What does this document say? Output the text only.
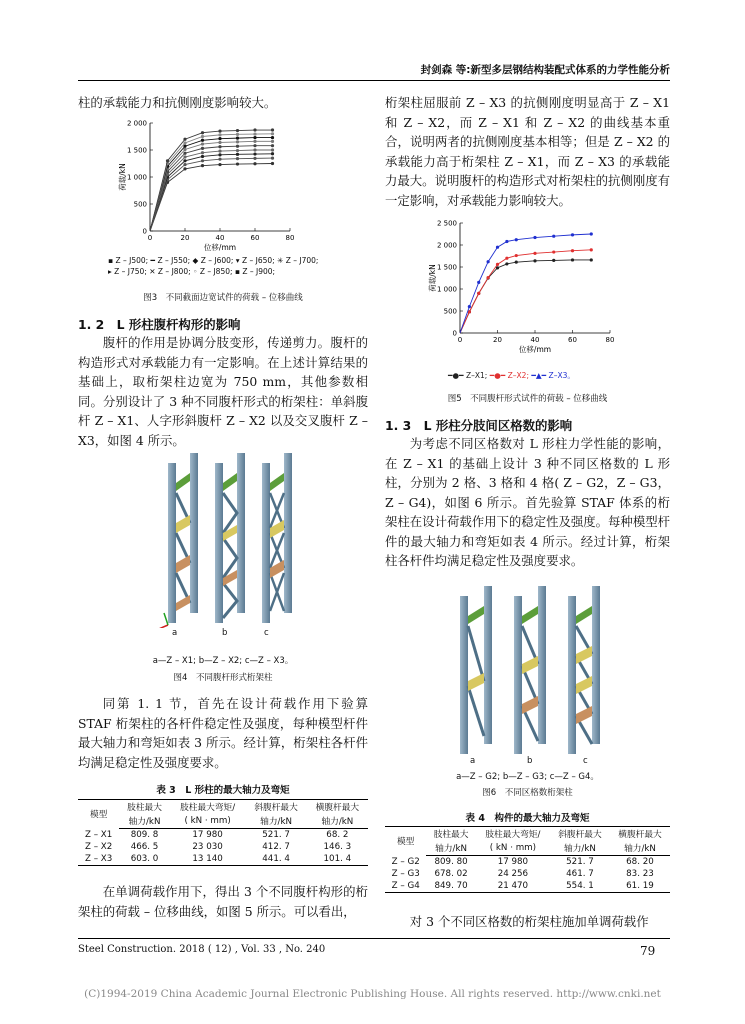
封剑森 等:新型多层钢结构装配式体系的力学性能分析
柱的承载能力和抗侧刚度影响较大。
0	20	40	60	80
0
500
1 000
1 500
2 000
位移/mm
荷载/kN
▪ Z – J500; ━ Z – J550; ◆ Z – J600; ▾ Z – J650; ✳ Z – J700;
▸ Z – J750; ✕ Z – J800; ◦ Z – J850; ▪ Z – J900;
图3　不同截面边宽试件的荷载 – 位移曲线
1. 2　L 形柱腹杆构形的影响
腹杆的作用是协调分肢变形，传递剪力。腹杆的构造形式对承载能力有一定影响。在上述计算结果的基础上，取桁架柱边宽为 750 mm，其他参数相同。分别设计了 3 种不同腹杆形式的桁架柱：单斜腹杆 Z – X1、人字形斜腹杆 Z – X2 以及交叉腹杆 Z – X3，如图 4 所示。
a	b	c
a—Z – X1; b—Z – X2; c—Z – X3。
图4　不同腹杆形式桁架柱
同第 1. 1 节，首先在设计荷载作用下验算 STAF 桁架柱的各杆件稳定性及强度，每种模型杆件最大轴力和弯矩如表 3 所示。经计算，桁架柱各杆件均满足稳定性及强度要求。
表 3　L 形柱的最大轴力及弯矩
模型	肢柱最大	肢柱最大弯矩/	斜腹杆最大	横腹杆最大
	轴力/kN	( kN · mm)	轴力/kN	轴力/kN
Z – X1	809. 8	17 980	521. 7	68. 2
Z – X2	466. 5	23 030	412. 7	146. 3
Z – X3	603. 0	13 140	441. 4	101. 4
在单调荷载作用下，得出 3 个不同腹杆构形的桁架柱的荷载 – 位移曲线，如图 5 所示。可以看出，
桁架柱屈服前 Z – X3 的抗侧刚度明显高于 Z – X1 和 Z – X2，而 Z – X1 和 Z – X2 的曲线基本重合，说明两者的抗侧刚度基本相等；但是 Z – X2 的承载能力高于桁架柱 Z – X1，而 Z – X3 的承载能力最大。说明腹杆的构造形式对桁架柱的抗侧刚度有一定影响，对承载能力影响较大。
0	20	40	60	80
0
500
1 000
1 500
2 000
2 500
位移/mm
荷载/kN
━●━ Z–X1; ━●━ Z–X2; ━▲━ Z–X3。
图5　不同腹杆形式试件的荷载 – 位移曲线
1. 3　L 形柱分肢间区格数的影响
为考虑不同区格数对 L 形柱力学性能的影响，在 Z – X1 的基础上设计 3 种不同区格数的 L 形柱，分别为 2 格、3 格和 4 格( Z – G2，Z – G3，Z – G4)，如图 6 所示。首先验算 STAF 体系的桁架柱在设计荷载作用下的稳定性及强度。每种模型杆件的最大轴力和弯矩如表 4 所示。经过计算，桁架柱各杆件均满足稳定性及强度要求。
a	b	c
a—Z – G2; b—Z – G3; c—Z – G4。
图6　不同区格数桁架柱
表 4　构件的最大轴力及弯矩
模型	肢柱最大	肢柱最大弯矩/	斜腹杆最大	横腹杆最大
	轴力/kN	( kN · mm)	轴力/kN	轴力/kN
Z – G2	809. 80	17 980	521. 7	68. 20
Z – G3	678. 02	24 256	461. 7	83. 23
Z – G4	849. 70	21 470	554. 1	61. 19
对 3 个不同区格数的桁架柱施加单调荷载作
Steel Construction. 2018 ( 12) , Vol. 33 , No. 240	79
(C)1994-2019 China Academic Journal Electronic Publishing House. All rights reserved. http://www.cnki.net
